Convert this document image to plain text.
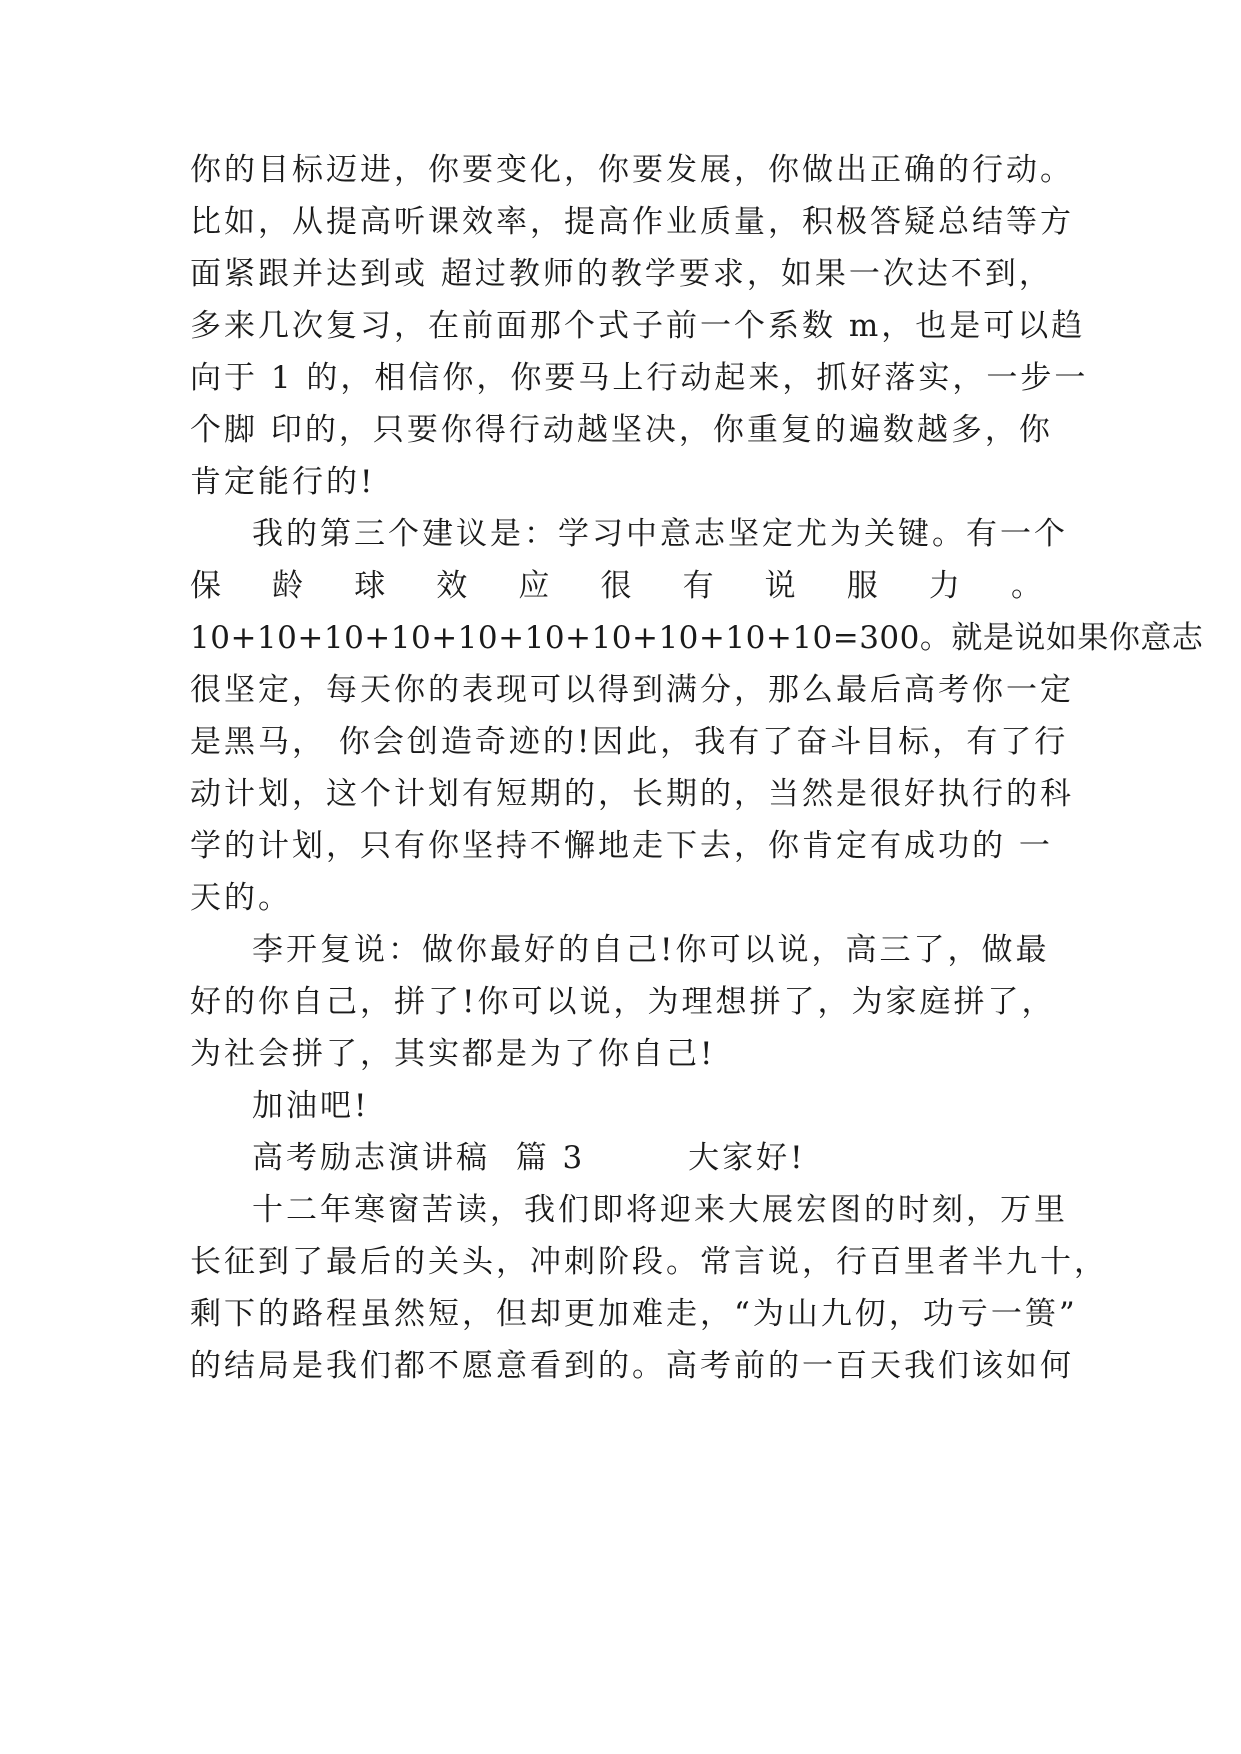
你的目标迈进，你要变化，你要发展，你做出正确的行动。
比如，从提高听课效率，提高作业质量，积极答疑总结等方
面紧跟并达到或 超过教师的教学要求，如果一次达不到，
多来几次复习，在前面那个式子前一个系数 m，也是可以趋
向于 1 的，相信你，你要马上行动起来，抓好落实，一步一
个脚 印的，只要你得行动越坚决，你重复的遍数越多，你
肯定能行的!
我的第三个建议是：学习中意志坚定尤为关键。有一个
保 龄 球 效 应 很 有 说 服 力 。
10+10+10+10+10+10+10+10+10+10=300。就是说如果你意志
很坚定，每天你的表现可以得到满分，那么最后高考你一定
是黑马， 你会创造奇迹的!因此，我有了奋斗目标，有了行
动计划，这个计划有短期的，长期的，当然是很好执行的科
学的计划，只有你坚持不懈地走下去，你肯定有成功的 一
天的。
李开复说：做你最好的自己!你可以说，高三了，做最
好的你自己，拼了!你可以说，为理想拼了，为家庭拼了，
为社会拼了，其实都是为了你自己!
加油吧!
高考励志演讲稿  篇 3        大家好!
十二年寒窗苦读，我们即将迎来大展宏图的时刻，万里
长征到了最后的关头，冲刺阶段。常言说，行百里者半九十，
剩下的路程虽然短，但却更加难走，“为山九仞，功亏一篑”
的结局是我们都不愿意看到的。高考前的一百天我们该如何
